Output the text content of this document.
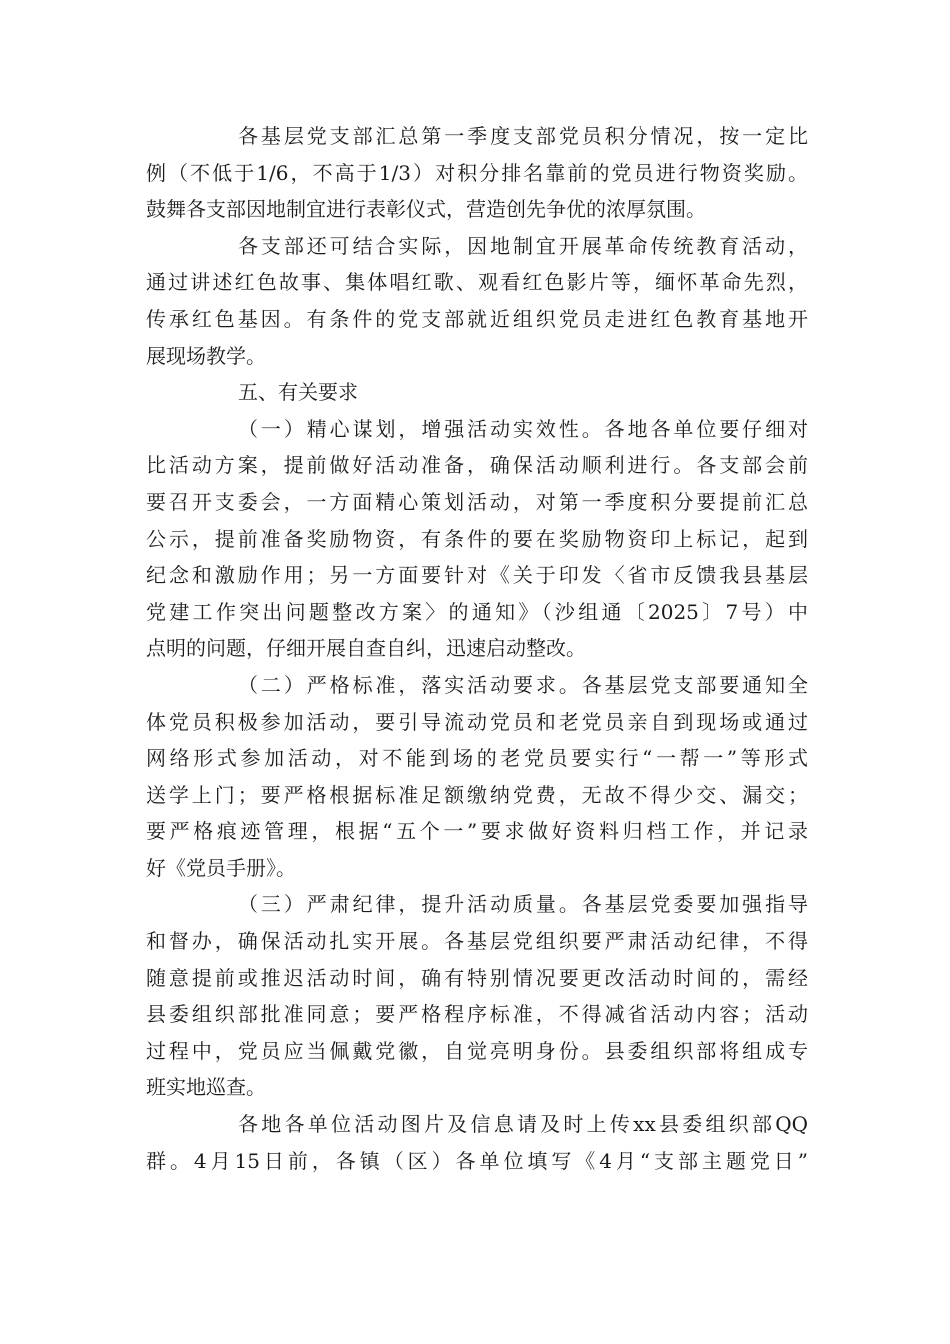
各基层党支部汇总第一季度支部党员积分情况，按一定比
例（不低于1/6，不高于1/3）对积分排名靠前的党员进行物资奖励。
鼓舞各支部因地制宜进行表彰仪式，营造创先争优的浓厚氛围。
各支部还可结合实际，因地制宜开展革命传统教育活动，
通过讲述红色故事、集体唱红歌、观看红色影片等，缅怀革命先烈，
传承红色基因。有条件的党支部就近组织党员走进红色教育基地开
展现场教学。
五、有关要求
（一）精心谋划，增强活动实效性。各地各单位要仔细对
比活动方案，提前做好活动准备，确保活动顺利进行。各支部会前
要召开支委会，一方面精心策划活动，对第一季度积分要提前汇总
公示，提前准备奖励物资，有条件的要在奖励物资印上标记，起到
纪念和激励作用；另一方面要针对《关于印发〈省市反馈我县基层
党建工作突出问题整改方案〉的通知》（沙组通〔2025〕7号）中
点明的问题，仔细开展自查自纠，迅速启动整改。
（二）严格标准，落实活动要求。各基层党支部要通知全
体党员积极参加活动，要引导流动党员和老党员亲自到现场或通过
网络形式参加活动，对不能到场的老党员要实行“一帮一”等形式
送学上门；要严格根据标准足额缴纳党费，无故不得少交、漏交；
要严格痕迹管理，根据“五个一”要求做好资料归档工作，并记录
好《党员手册》。
（三）严肃纪律，提升活动质量。各基层党委要加强指导
和督办，确保活动扎实开展。各基层党组织要严肃活动纪律，不得
随意提前或推迟活动时间，确有特别情况要更改活动时间的，需经
县委组织部批准同意；要严格程序标准，不得减省活动内容；活动
过程中，党员应当佩戴党徽，自觉亮明身份。县委组织部将组成专
班实地巡查。
各地各单位活动图片及信息请及时上传xx县委组织部QQ
群。4月15日前，各镇（区）各单位填写《4月“支部主题党日”
